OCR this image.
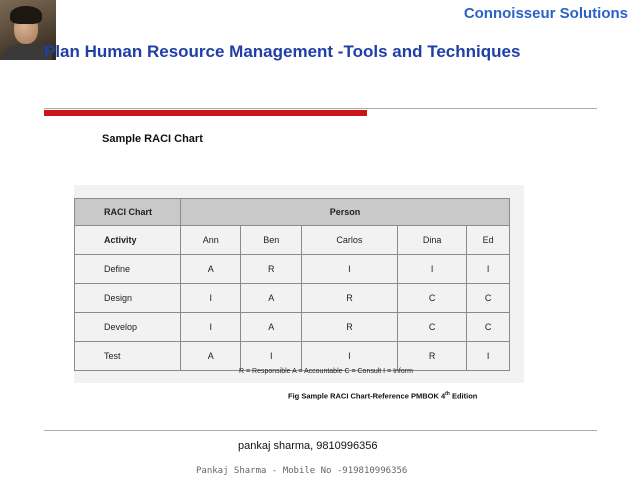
Connoisseur Solutions
Plan Human Resource Management -Tools and Techniques
Sample RACI Chart
RACI Chart	Person				
Activity	Ann	Ben	Carlos	Dina	Ed
Define	A	R	I	I	I
Design	I	A	R	C	C
Develop	I	A	R	C	C
Test	A	I	I	R	I
R = Responsible A = Accountable C = Consult I = Inform
Fig Sample RACI Chart-Reference PMBOK 4th Edition
pankaj sharma, 9810996356
Pankaj Sharma - Mobile No -919810996356
